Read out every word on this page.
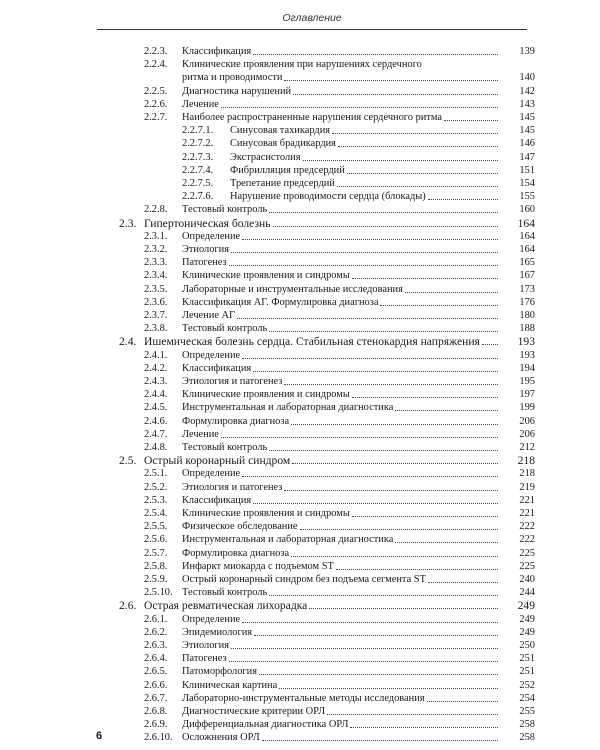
Оглавление
2.2.3. Классификация	139
2.2.4. Клинические проявления при нарушениях сердечного
ритма и проводимости	140
2.2.5. Диагностика нарушений	142
2.2.6. Лечение	143
2.2.7. Наиболее распространенные нарушения сердечного ритма	145
2.2.7.1. Синусовая тахикардия	145
2.2.7.2. Синусовая брадикардия	146
2.2.7.3. Экстрасистолия	147
2.2.7.4. Фибрилляция предсердий	151
2.2.7.5. Трепетание предсердий	154
2.2.7.6. Нарушение проводимости сердца (блокады)	155
2.2.8. Тестовый контроль	160
2.3. Гипертоническая болезнь	164
2.3.1. Определение	164
2.3.2. Этиология	164
2.3.3. Патогенез	165
2.3.4. Клинические проявления и синдромы	167
2.3.5. Лабораторные и инструментальные исследования	173
2.3.6. Классификация АГ. Формулировка диагноза	176
2.3.7. Лечение АГ	180
2.3.8. Тестовый контроль	188
2.4. Ишемическая болезнь сердца. Стабильная стенокардия напряжения	193
2.4.1. Определение	193
2.4.2. Классификация	194
2.4.3. Этиология и патогенез	195
2.4.4. Клинические проявления и синдромы	197
2.4.5. Инструментальная и лабораторная диагностика	199
2.4.6. Формулировка диагноза	206
2.4.7. Лечение	206
2.4.8. Тестовый контроль	212
2.5. Острый коронарный синдром	218
2.5.1. Определение	218
2.5.2. Этиология и патогенез	219
2.5.3. Классификация	221
2.5.4. Клинические проявления и синдромы	221
2.5.5. Физическое обследование	222
2.5.6. Инструментальная и лабораторная диагностика	222
2.5.7. Формулировка диагноза	225
2.5.8. Инфаркт миокарда с подъемом ST	225
2.5.9. Острый коронарный синдром без подъема сегмента ST	240
2.5.10. Тестовый контроль	244
2.6. Острая ревматическая лихорадка	249
2.6.1. Определение	249
2.6.2. Эпидемиология	249
2.6.3. Этиология	250
2.6.4. Патогенез	251
2.6.5. Патоморфология	251
2.6.6. Клиническая картина	252
2.6.7. Лабораторно-инструментальные методы исследования	254
2.6.8. Диагностические критерии ОРЛ	255
2.6.9. Дифференциальная диагностика ОРЛ	258
2.6.10. Осложнения ОРЛ	258
6
